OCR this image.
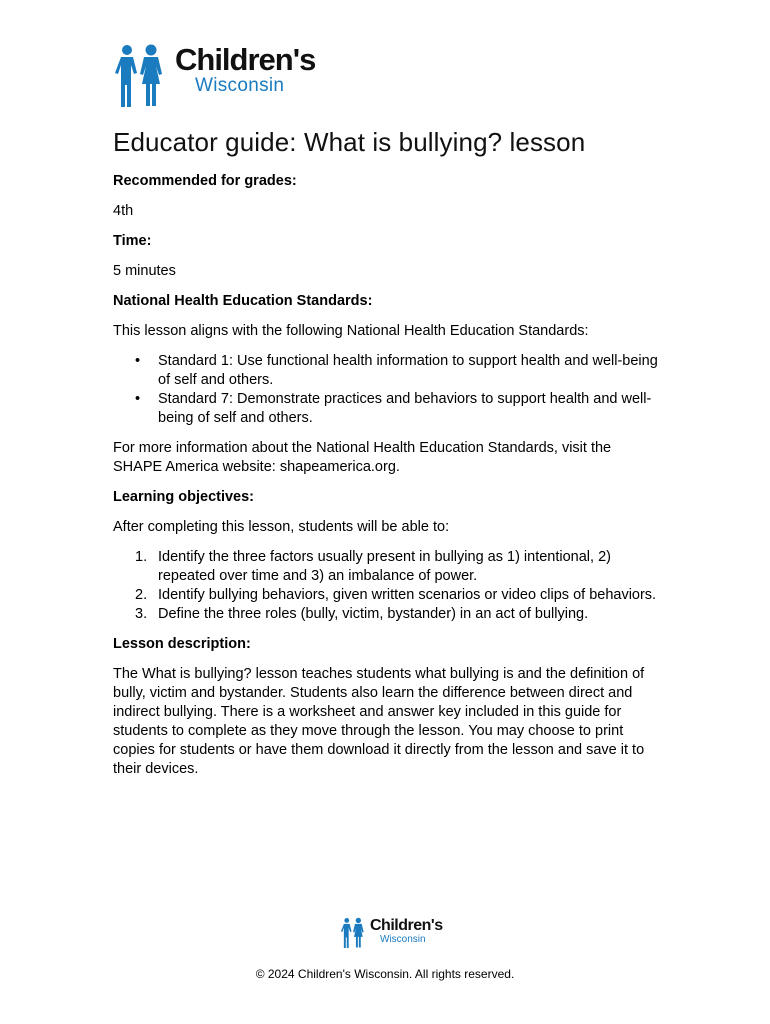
Children's
Wisconsin
Educator guide: What is bullying? lesson

Recommended for grades:

4th

Time:

5 minutes

National Health Education Standards:

This lesson aligns with the following National Health Education Standards:

• Standard 1: Use functional health information to support health and well-being of self and others.
• Standard 7: Demonstrate practices and behaviors to support health and well-being of self and others.

For more information about the National Health Education Standards, visit the SHAPE America website: shapeamerica.org.

Learning objectives:

After completing this lesson, students will be able to:

1. Identify the three factors usually present in bullying as 1) intentional, 2) repeated over time and 3) an imbalance of power.
2. Identify bullying behaviors, given written scenarios or video clips of behaviors.
3. Define the three roles (bully, victim, bystander) in an act of bullying.

Lesson description:

The What is bullying? lesson teaches students what bullying is and the definition of bully, victim and bystander. Students also learn the difference between direct and indirect bullying. There is a worksheet and answer key included in this guide for students to complete as they move through the lesson. You may choose to print copies for students or have them download it directly from the lesson and save it to their devices.

Children's
Wisconsin
© 2024 Children's Wisconsin. All rights reserved.
